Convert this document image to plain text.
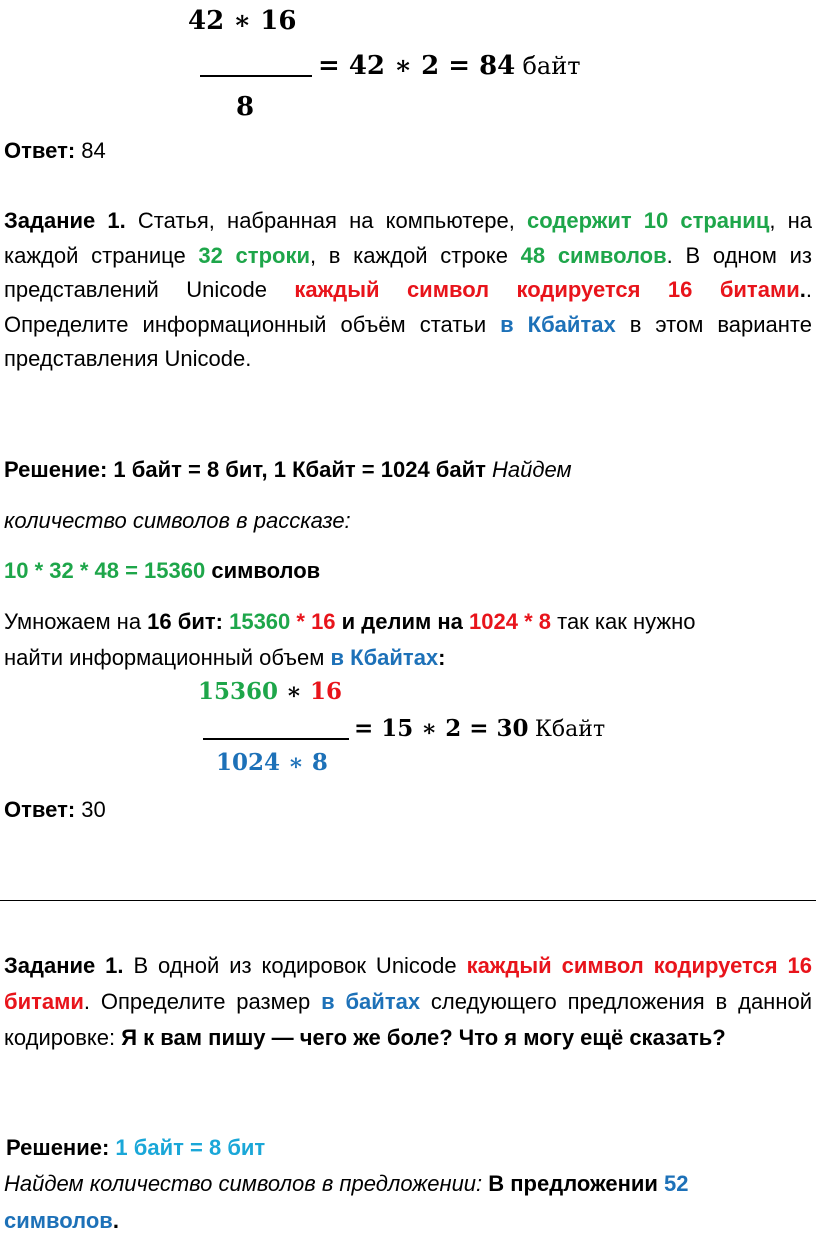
42 ∗ 16
8
= 42 ∗ 2 = 84 байт
Ответ: 84

Задание 1. Статья, набранная на компьютере, содержит 10 страниц, на каждой странице 32 строки, в каждой строке 48 символов. В одном из представлений Unicode каждый символ кодируется 16 битами.. Определите информационный объём статьи в Кбайтах в этом варианте представления Unicode.

Решение: 1 байт = 8 бит, 1 Кбайт = 1024 байт Найдем
количество символов в рассказе:
10 * 32 * 48 = 15360 символов
Умножаем на 16 бит: 15360 * 16 и делим на 1024 * 8 так как нужно
найти информационный объем в Кбайтах:
15360 ∗ 16
1024 ∗ 8
= 15 ∗ 2 = 30 Кбайт
Ответ: 30

Задание 1. В одной из кодировок Unicode каждый символ кодируется 16 битами. Определите размер в байтах следующего предложения в данной кодировке: Я к вам пишу — чего же боле? Что я могу ещё сказать?

Решение: 1 байт = 8 бит
Найдем количество символов в предложении: В предложении 52
символов.
